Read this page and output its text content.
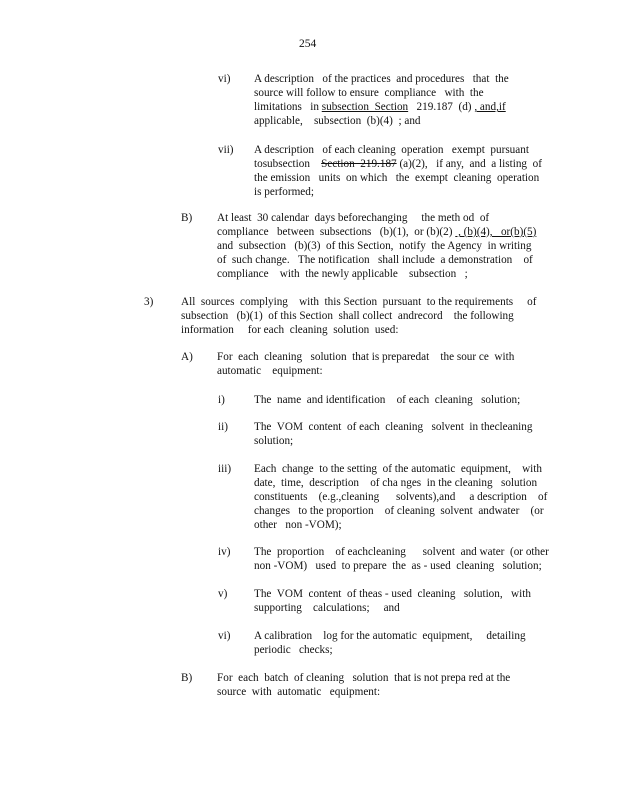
254
vi) A description   of the practices  and procedures   that  the
source will follow to ensure  compliance   with  the
limitations   in subsection  Section   219.187  (d) , and,if
applicable,    subsection  (b)(4)  ; and
vii) A description   of each cleaning  operation   exempt  pursuant
tosubsection    Section  219.187 (a)(2),   if any,  and  a listing  of
the emission   units  on which   the  exempt  cleaning  operation
is performed;
B) At least  30 calendar  days beforechanging     the meth od  of
compliance   between  subsections   (b)(1),  or (b)(2)  , (b)(4),   or(b)(5)
and  subsection   (b)(3)  of this Section,  notify  the Agency  in writing
of  such change.   The notification   shall include  a demonstration    of
compliance    with  the newly applicable    subsection   ;
3) All  sources  complying    with  this Section  pursuant  to the requirements     of
subsection   (b)(1)  of this Section  shall collect  andrecord    the following
information     for each  cleaning  solution  used:
A) For  each  cleaning   solution  that is preparedat    the sour ce  with
automatic    equipment:
i)	The  name  and identification    of each  cleaning   solution;
ii) The  VOM  content  of each  cleaning   solvent  in thecleaning
solution;
iii) Each  change  to the setting  of the automatic  equipment,    with
date,  time,  description    of cha nges  in the cleaning   solution
constituents    (e.g.,cleaning      solvents),and     a description    of
changes   to the proportion    of cleaning  solvent  andwater    (or
other   non -VOM);
iv) The  proportion    of eachcleaning      solvent  and water  (or other
non -VOM)   used  to prepare  the  as - used  cleaning   solution;
v) The  VOM  content  of theas - used  cleaning   solution,   with
supporting    calculations;     and
vi) A calibration    log for the automatic  equipment,     detailing
periodic   checks;
B) For  each  batch  of cleaning   solution  that is not prepa red at the
source  with  automatic   equipment:
